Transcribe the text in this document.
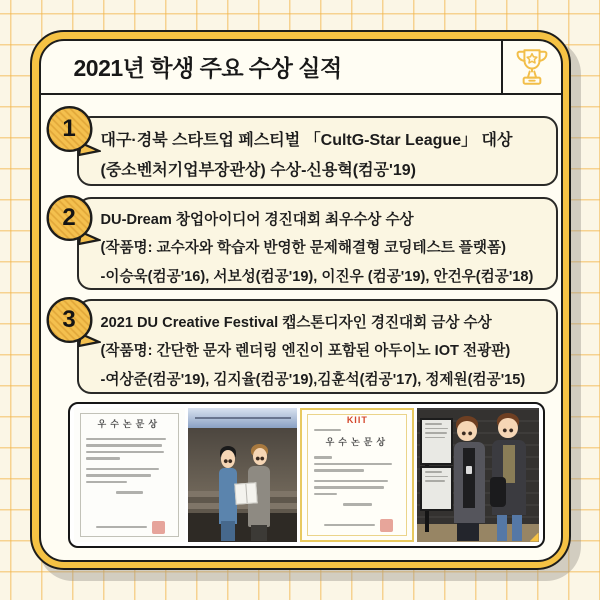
2021년 학생 주요 수상 실적
대구·경북 스타트업 페스티벌 「CultG-Star League」 대상
(중소벤처기업부장관상) 수상-신용혁(컴공'19)
1
DU-Dream 창업아이디어 경진대회 최우수상 수상
(작품명: 교수자와 학습자 반영한 문제해결형 코딩테스트 플랫폼)
-이승욱(컴공'16), 서보성(컴공'19), 이진우 (컴공'19), 안건우(컴공'18)
2
2021 DU Creative Festival 캡스톤디자인 경진대회 금상 수상
(작품명: 간단한 문자 렌더링 엔진이 포함된 아두이노 IOT 전광판)
-여상준(컴공'19), 김지율(컴공'19),김훈석(컴공'17), 정제원(컴공'15)
3
우수논문상	KIIT
우수논문상
